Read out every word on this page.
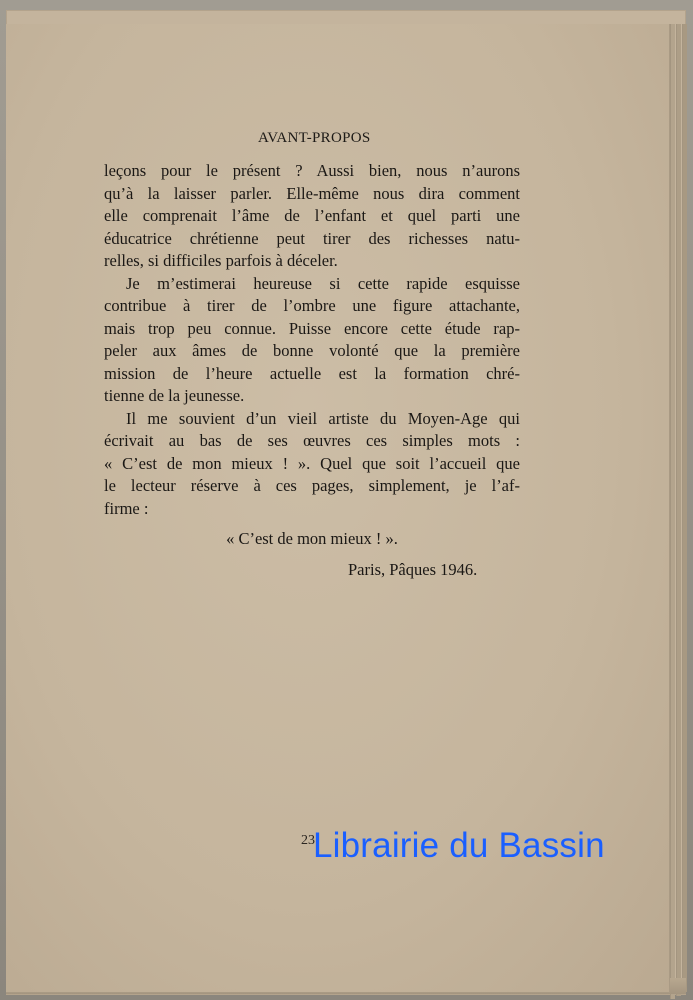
AVANT-PROPOS
leçons pour le présent ? Aussi bien, nous n’aurons
qu’à la laisser parler. Elle-même nous dira comment
elle comprenait l’âme de l’enfant et quel parti une
éducatrice chrétienne peut tirer des richesses natu-
relles, si difficiles parfois à déceler.
Je m’estimerai heureuse si cette rapide esquisse
contribue à tirer de l’ombre une figure attachante,
mais trop peu connue. Puisse encore cette étude rap-
peler aux âmes de bonne volonté que la première
mission de l’heure actuelle est la formation chré-
tienne de la jeunesse.
Il me souvient d’un vieil artiste du Moyen-Age qui
écrivait au bas de ses œuvres ces simples mots :
« C’est de mon mieux ! ». Quel que soit l’accueil que
le lecteur réserve à ces pages, simplement, je l’af-
firme :
« C’est de mon mieux ! ».
Paris, Pâques 1946.
23
Librairie du Bassin
